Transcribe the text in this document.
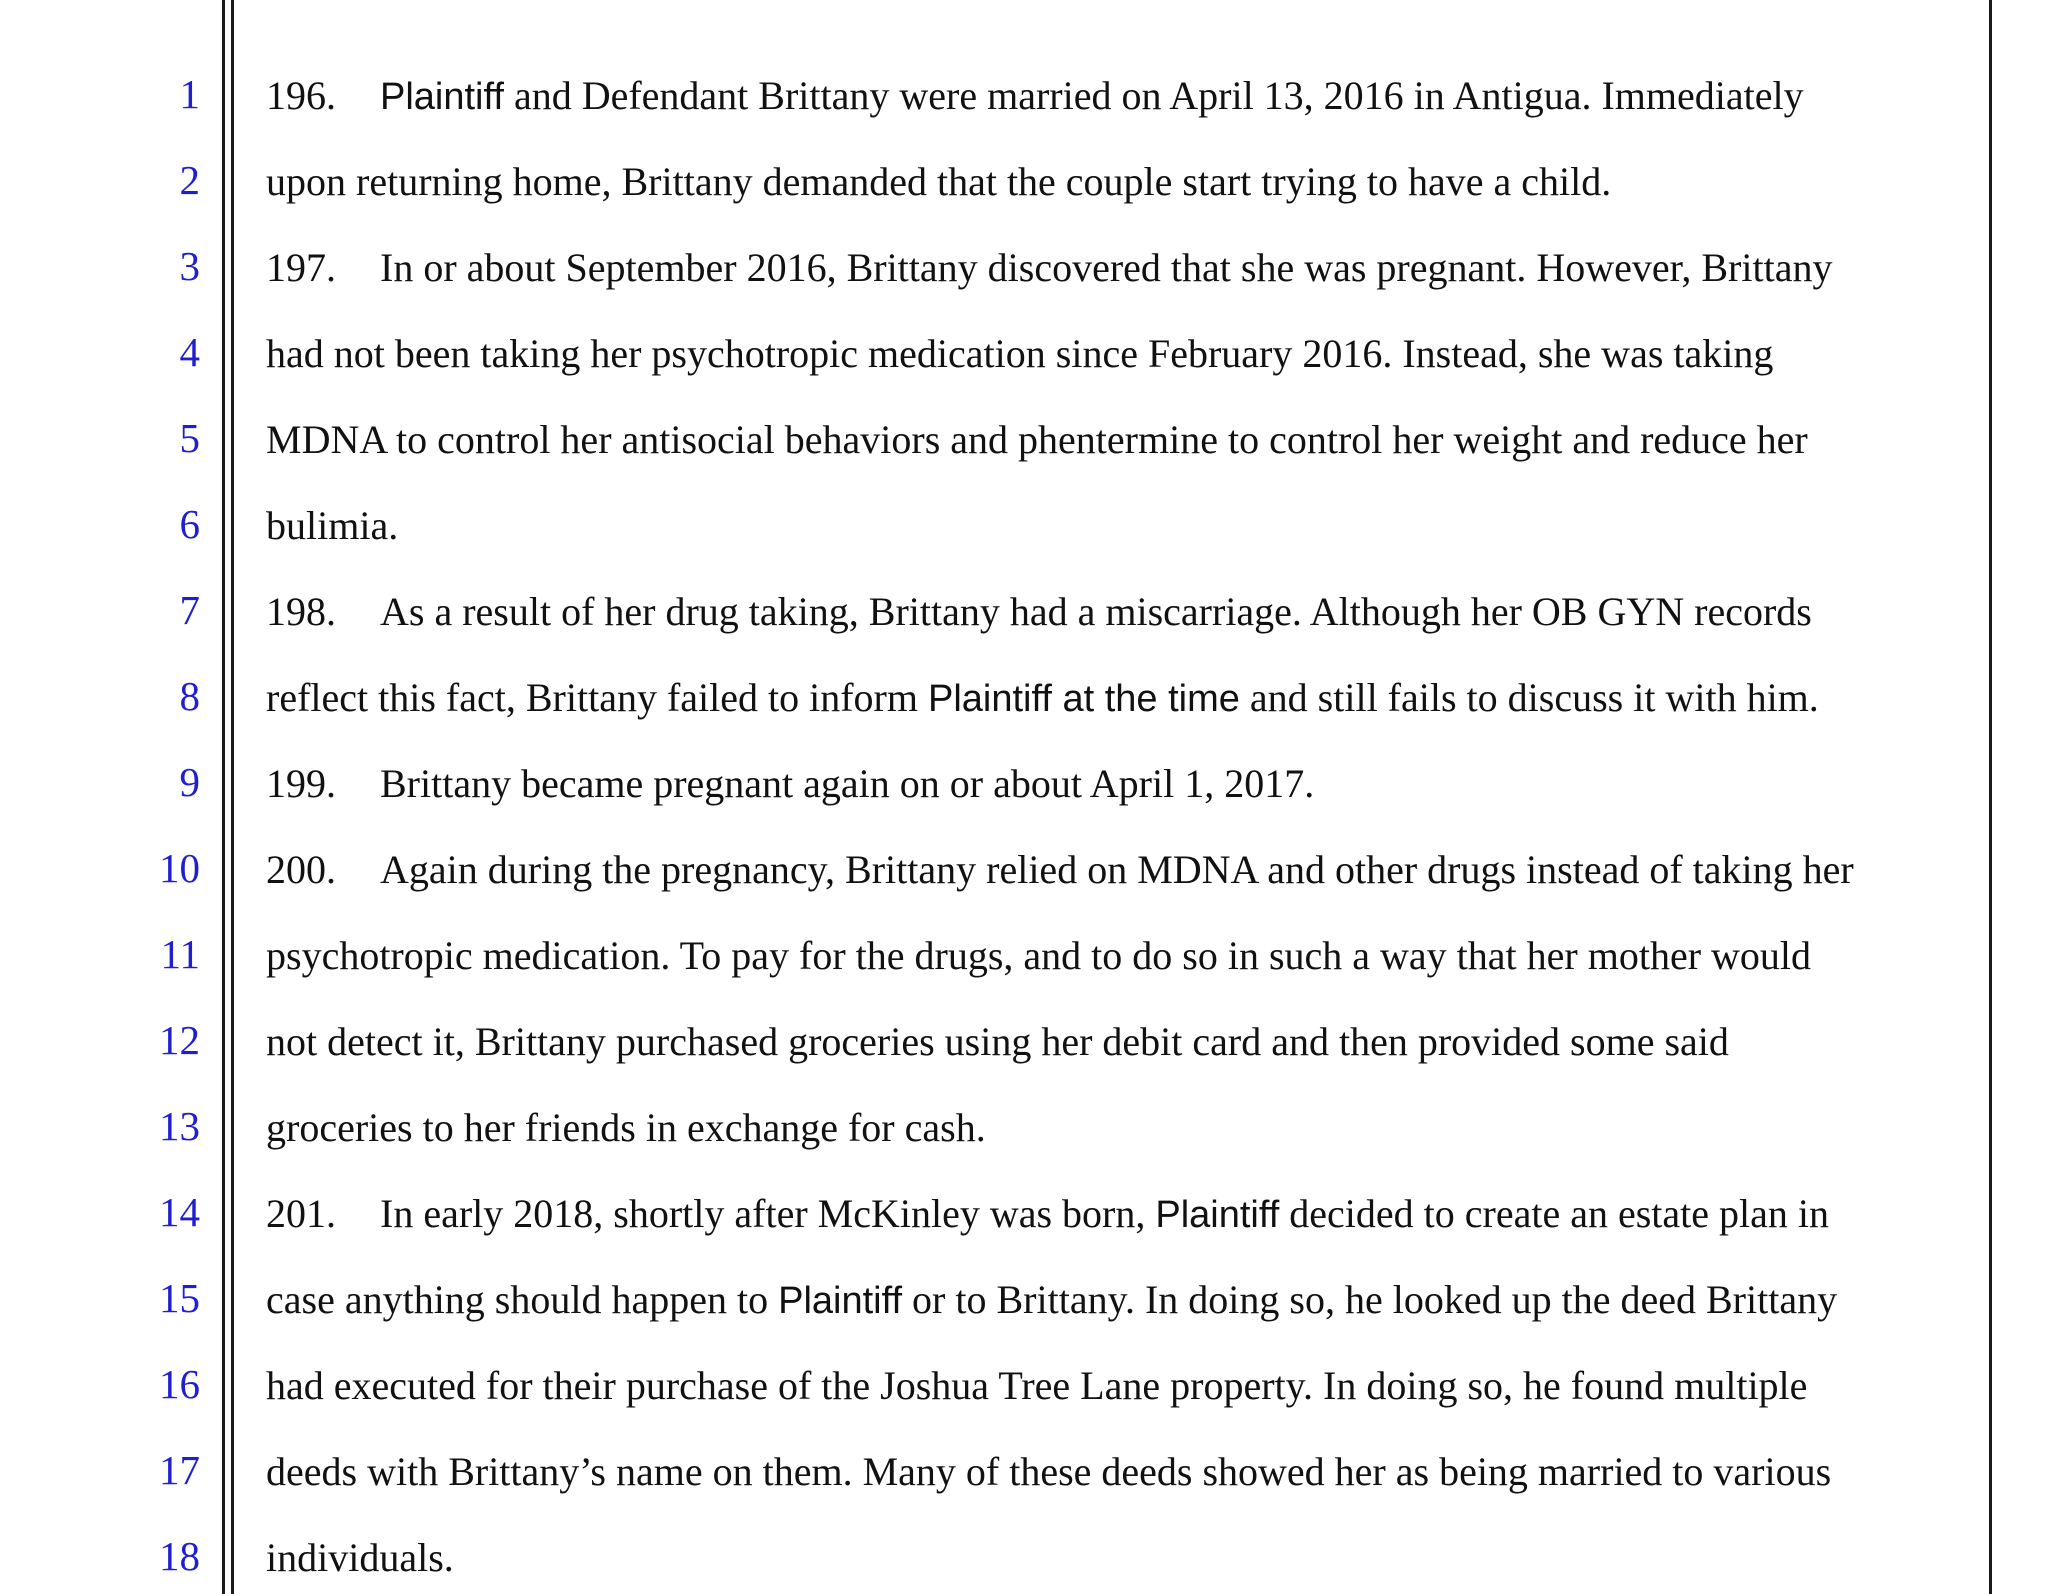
1
2
3
4
5
6
7
8
9
10
11
12
13
14
15
16
17
18
196. Plaintiff and Defendant Brittany were married on April 13, 2016 in Antigua. Immediately
upon returning home, Brittany demanded that the couple start trying to have a child.
197. In or about September 2016, Brittany discovered that she was pregnant. However, Brittany
had not been taking her psychotropic medication since February 2016. Instead, she was taking
MDNA to control her antisocial behaviors and phentermine to control her weight and reduce her
bulimia.
198. As a result of her drug taking, Brittany had a miscarriage. Although her OB GYN records
reflect this fact, Brittany failed to inform Plaintiff at the time and still fails to discuss it with him.
199. Brittany became pregnant again on or about April 1, 2017.
200. Again during the pregnancy, Brittany relied on MDNA and other drugs instead of taking her
psychotropic medication. To pay for the drugs, and to do so in such a way that her mother would
not detect it, Brittany purchased groceries using her debit card and then provided some said
groceries to her friends in exchange for cash.
201. In early 2018, shortly after McKinley was born, Plaintiff decided to create an estate plan in
case anything should happen to Plaintiff or to Brittany. In doing so, he looked up the deed Brittany
had executed for their purchase of the Joshua Tree Lane property. In doing so, he found multiple
deeds with Brittany’s name on them. Many of these deeds showed her as being married to various
individuals.
